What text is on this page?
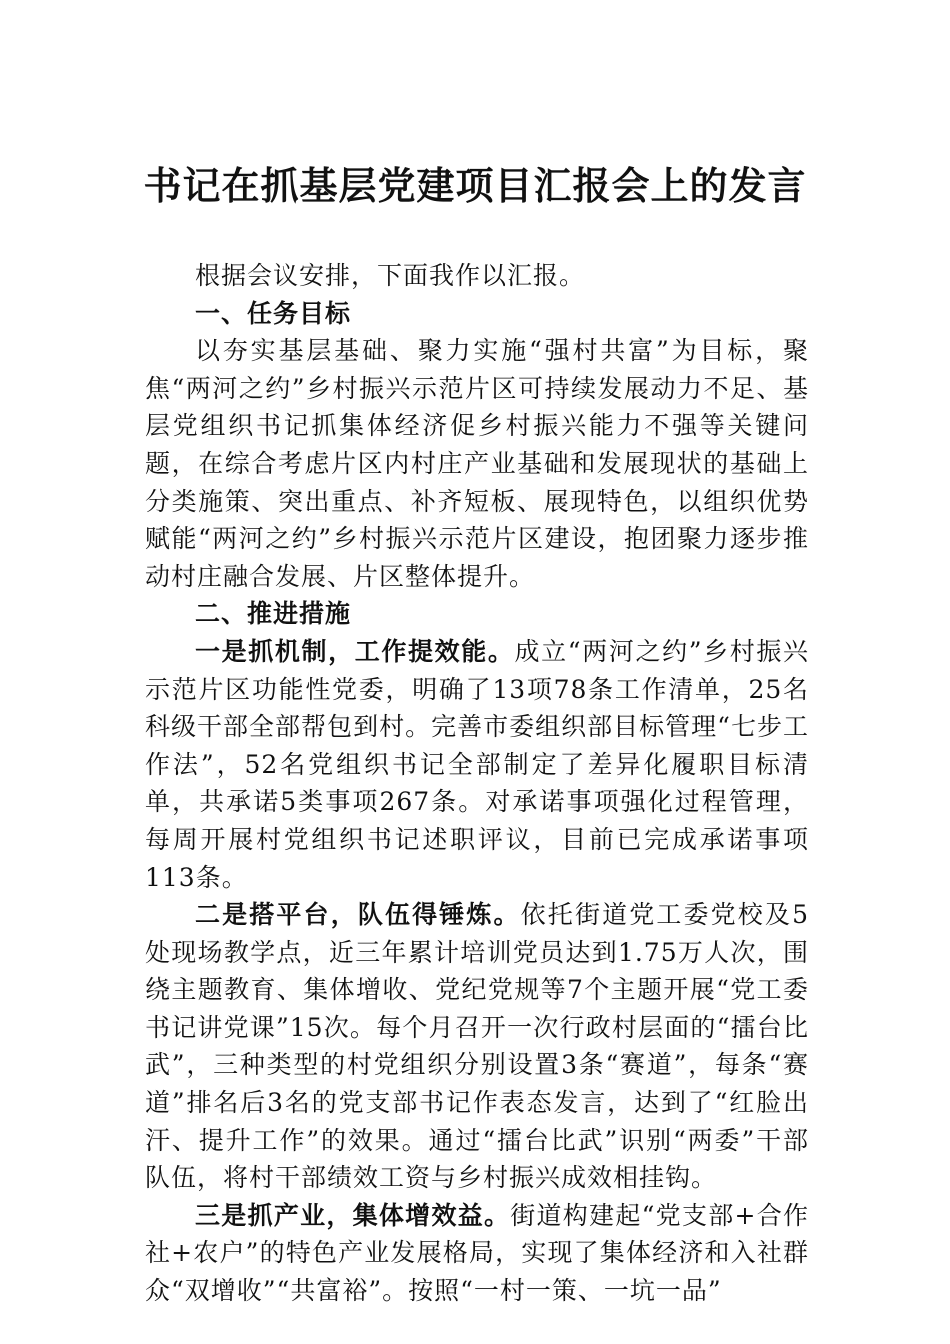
书记在抓基层党建项目汇报会上的发言

根据会议安排，下面我作以汇报。

一、任务目标

以夯实基层基础、聚力实施“强村共富”为目标，聚焦“两河之约”乡村振兴示范片区可持续发展动力不足、基层党组织书记抓集体经济促乡村振兴能力不强等关键问题，在综合考虑片区内村庄产业基础和发展现状的基础上分类施策、突出重点、补齐短板、展现特色，以组织优势赋能“两河之约”乡村振兴示范片区建设，抱团聚力逐步推动村庄融合发展、片区整体提升。

二、推进措施

一是抓机制，工作提效能。成立“两河之约”乡村振兴示范片区功能性党委，明确了13项78条工作清单，25名科级干部全部帮包到村。完善市委组织部目标管理“七步工作法”，52名党组织书记全部制定了差异化履职目标清单，共承诺5类事项267条。对承诺事项强化过程管理，每周开展村党组织书记述职评议，目前已完成承诺事项113条。

二是搭平台，队伍得锤炼。依托街道党工委党校及5处现场教学点，近三年累计培训党员达到1.75万人次，围绕主题教育、集体增收、党纪党规等7个主题开展“党工委书记讲党课”15次。每个月召开一次行政村层面的“擂台比武”，三种类型的村党组织分别设置3条“赛道”，每条“赛道”排名后3名的党支部书记作表态发言，达到了“红脸出汗、提升工作”的效果。通过“擂台比武”识别“两委”干部队伍，将村干部绩效工资与乡村振兴成效相挂钩。

三是抓产业，集体增效益。街道构建起“党支部+合作社+农户”的特色产业发展格局，实现了集体经济和入社群众“双增收”“共富裕”。按照“一村一策、一坑一品”
